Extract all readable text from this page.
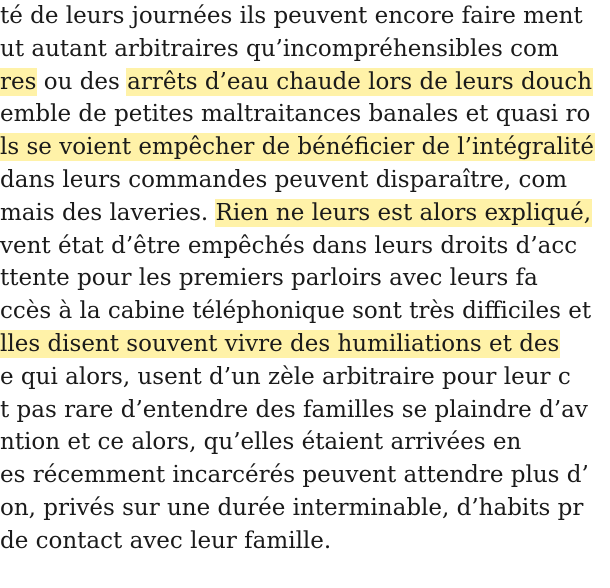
té de leurs journées ils peuvent encore faire ment
ut autant arbitraires qu’incompréhensibles com
res ou des arrêts d’eau chaude lors de leurs douch
emble de petites maltraitances banales et quasi ro
ls se voient empêcher de bénéficier de l’intégralité
dans leurs commandes peuvent disparaître, com
mais des laveries. Rien ne leurs est alors expliqué,
vent état d’être empêchés dans leurs droits d’acc
ttente pour les premiers parloirs avec leurs fa
ccès à la cabine téléphonique sont très difficiles et
lles disent souvent vivre des humiliations et des
e qui alors, usent d’un zèle arbitraire pour leur c
t pas rare d’entendre des familles se plaindre d’av
ntion et ce alors, qu’elles étaient arrivées en
es récemment incarcérés peuvent attendre plus d’
on, privés sur une durée interminable, d’habits pr
de contact avec leur famille.
